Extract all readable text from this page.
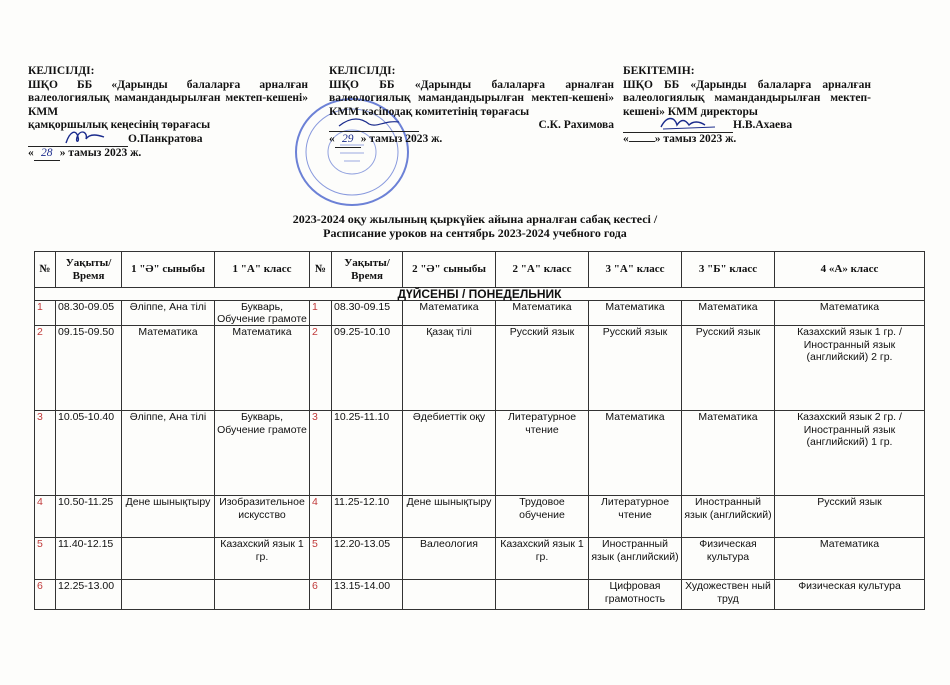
КЕЛІСІЛДІ:
ШҚО ББ «Дарынды балаларға арналған валеологиялық мамандандырылған мектеп-кешені» КММ
қамқоршылық кеңесінің төрағасы
О.Панкратова
« 28 » тамыз 2023 ж.
КЕЛІСІЛДІ:
ШҚО ББ «Дарынды балаларға арналған валеологиялық мамандандырылған мектеп-кешені» КММ кәсіподақ комитетінің төрағасы
С.К. Рахимова
« 29 » тамыз 2023 ж.
БЕКІТЕМІН:
ШҚО ББ «Дарынды балаларға арналған валеологиялық мамандандырылған мектеп-кешені» КММ директоры
Н.В.Ахаева
« » тамыз 2023 ж.
2023-2024 оқу жылының қыркүйек айына арналған сабақ кестесі /
Расписание уроков на сентябрь 2023-2024 учебного года
№	Уақыты/ Время	1 "Ә" сыныбы	1 "А" класс	№	Уақыты/ Время	2 "Ә" сыныбы	2 "А" класс	3 "А" класс	3 "Б" класс	4 «А» класс
ДҮЙСЕНБІ / ПОНЕДЕЛЬНИК										
1	08.30-09.05	Әліппе, Ана тілі	Букварь, Обучение грамоте	1	08.30-09.15	Математика	Математика	Математика	Математика	Математика
2	09.15-09.50	Математика	Математика	2	09.25-10.10	Қазақ тілі	Русский язык	Русский язык	Русский язык	Казахский язык 1 гр. / Иностранный язык (английский) 2 гр.
3	10.05-10.40	Әліппе, Ана тілі	Букварь, Обучение грамоте	3	10.25-11.10	Әдебиеттік оқу	Литературное чтение	Математика	Математика	Казахский язык 2 гр. / Иностранный язык (английский) 1 гр.
4	10.50-11.25	Дене шынықтыру	Изобразительное искусство	4	11.25-12.10	Дене шынықтыру	Трудовое обучение	Литературное чтение	Иностранный язык (английский)	Русский язык
5	11.40-12.15		Казахский язык 1 гр.	5	12.20-13.05	Валеология	Казахский язык 1 гр.	Иностранный язык (английский)	Физическая культура	Математика
6	12.25-13.00			6	13.15-14.00			Цифровая грамотность	Художествен ный труд	Физическая культура
